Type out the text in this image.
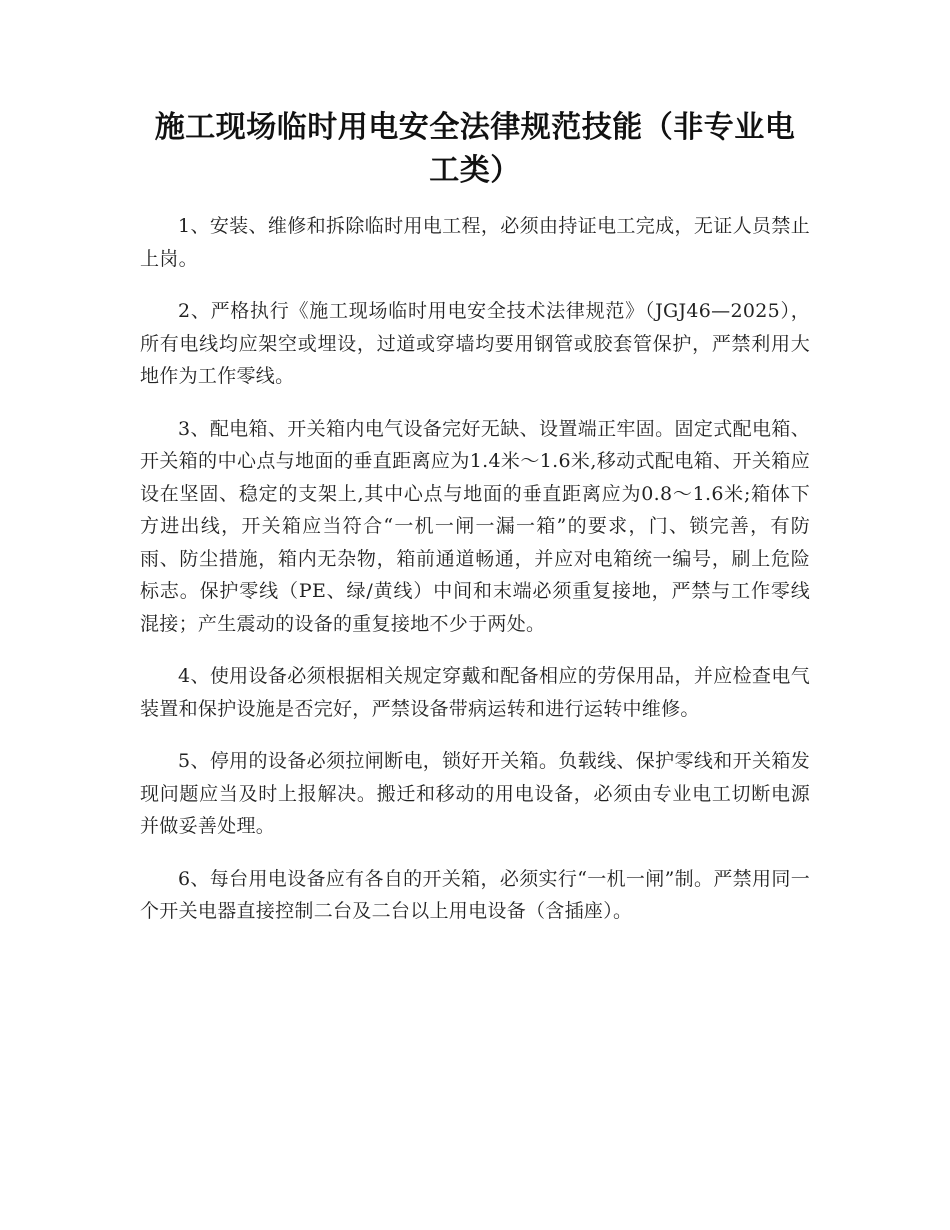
施工现场临时用电安全法律规范技能（非专业电工类）

1、安装、维修和拆除临时用电工程，必须由持证电工完成，无证人员禁止上岗。

2、严格执行《施工现场临时用电安全技术法律规范》（JGJ46—2025），所有电线均应架空或埋设，过道或穿墙均要用钢管或胶套管保护，严禁利用大地作为工作零线。

3、配电箱、开关箱内电气设备完好无缺、设置端正牢固。固定式配电箱、开关箱的中心点与地面的垂直距离应为1.4米～1.6米,移动式配电箱、开关箱应设在坚固、稳定的支架上,其中心点与地面的垂直距离应为0.8～1.6米;箱体下方进出线，开关箱应当符合“一机一闸一漏一箱”的要求，门、锁完善，有防雨、防尘措施，箱内无杂物，箱前通道畅通，并应对电箱统一编号，刷上危险标志。保护零线（PE、绿/黄线）中间和末端必须重复接地，严禁与工作零线混接；产生震动的设备的重复接地不少于两处。

4、使用设备必须根据相关规定穿戴和配备相应的劳保用品，并应检查电气装置和保护设施是否完好，严禁设备带病运转和进行运转中维修。

5、停用的设备必须拉闸断电，锁好开关箱。负载线、保护零线和开关箱发现问题应当及时上报解决。搬迁和移动的用电设备，必须由专业电工切断电源并做妥善处理。

6、每台用电设备应有各自的开关箱，必须实行“一机一闸”制。严禁用同一个开关电器直接控制二台及二台以上用电设备（含插座）。
